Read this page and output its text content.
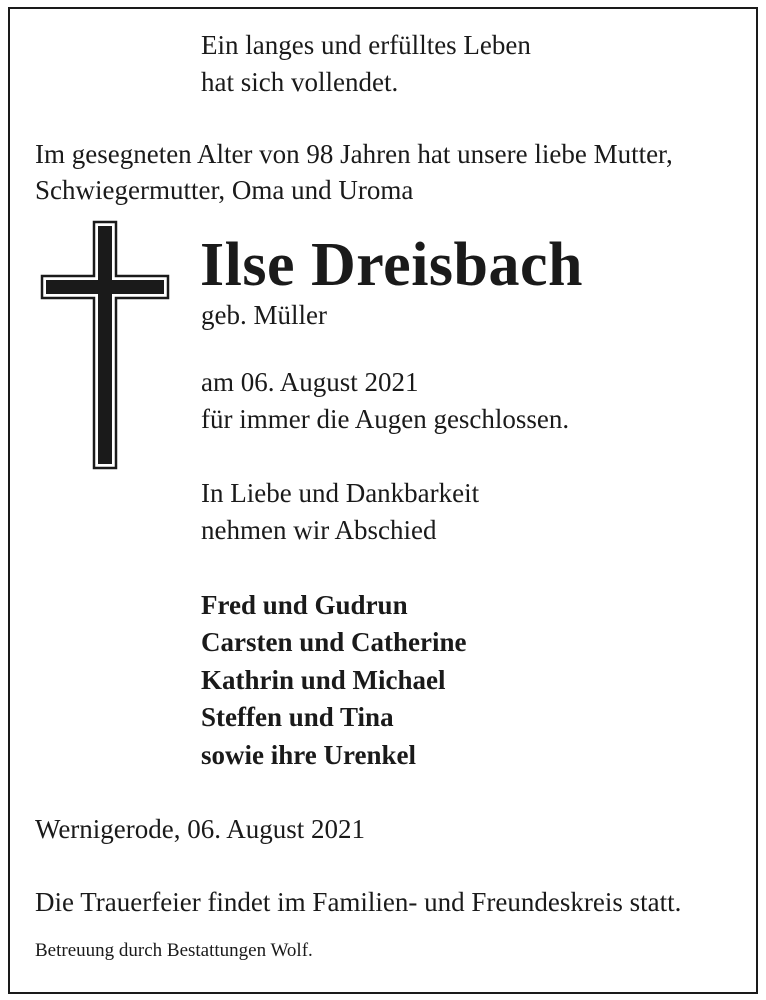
Ein langes und erfülltes Leben

hat sich vollendet.

Im gesegneten Alter von 98 Jahren hat unsere liebe Mutter,

Schwiegermutter, Oma und Uroma

Ilse Dreisbach

geb. Müller

am 06. August 2021

für immer die Augen geschlossen.

In Liebe und Dankbarkeit

nehmen wir Abschied

Fred und Gudrun

Carsten und Catherine

Kathrin und Michael

Steffen und Tina

sowie ihre Urenkel

Wernigerode, 06. August 2021

Die Trauerfeier findet im Familien- und Freundeskreis statt.

Betreuung durch Bestattungen Wolf.
